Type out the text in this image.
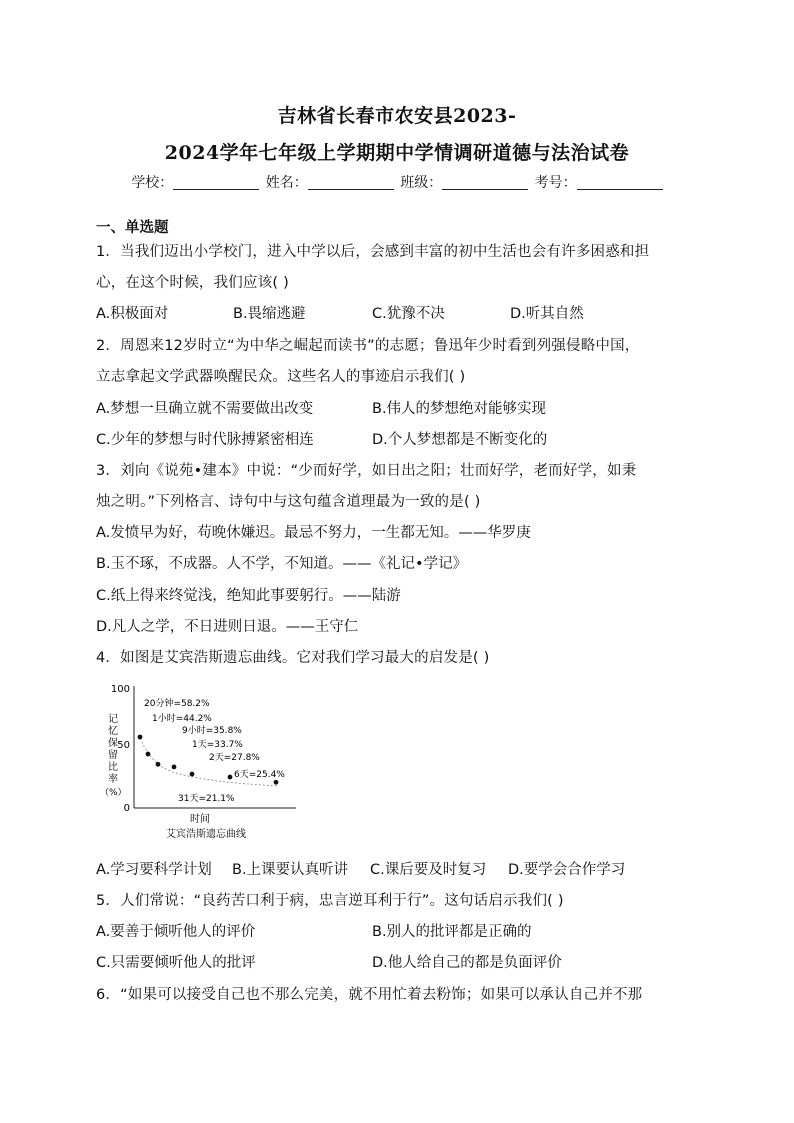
吉林省长春市农安县2023-
2024学年七年级上学期期中学情调研道德与法治试卷
学校：	姓名：	班级：	考号：
一、单选题
1．当我们迈出小学校门，进入中学以后，会感到丰富的初中生活也会有许多困惑和担
心，在这个时候，我们应该( )
A.积极面对	B.畏缩逃避	C.犹豫不决	D.听其自然
2．周恩来12岁时立“为中华之崛起而读书”的志愿；鲁迅年少时看到列强侵略中国，
立志拿起文学武器唤醒民众。这些名人的事迹启示我们( )
A.梦想一旦确立就不需要做出改变	B.伟人的梦想绝对能够实现
C.少年的梦想与时代脉搏紧密相连	D.个人梦想都是不断变化的
3．刘向《说苑•建本》中说：“少而好学，如日出之阳；壮而好学，老而好学，如秉
烛之明。”下列格言、诗句中与这句蕴含道理最为一致的是( )
A.发愤早为好，苟晚休嫌迟。最忌不努力，一生都无知。——华罗庚
B.玉不琢，不成器。人不学，不知道。——《礼记•学记》
C.纸上得来终觉浅，绝知此事要躬行。——陆游
D.凡人之学，不日进则日退。——王守仁
4．如图是艾宾浩斯遗忘曲线。它对我们学习最大的启发是( )
100
50
0
记
忆
保
留
比
率
（%）
时间
艾宾浩斯遗忘曲线
20分钟=58.2%
1小时=44.2%
9小时=35.8%
1天=33.7%
2天=27.8%
6天=25.4%
31天=21.1%
A.学习要科学计划 B.上课要认真听讲 C.课后要及时复习 D.要学会合作学习
5．人们常说：“良药苦口利于病，忠言逆耳利于行”。这句话启示我们( )
A.要善于倾听他人的评价	B.别人的批评都是正确的
C.只需要倾听他人的批评	D.他人给自己的都是负面评价
6．“如果可以接受自己也不那么完美，就不用忙着去粉饰；如果可以承认自己并不那
